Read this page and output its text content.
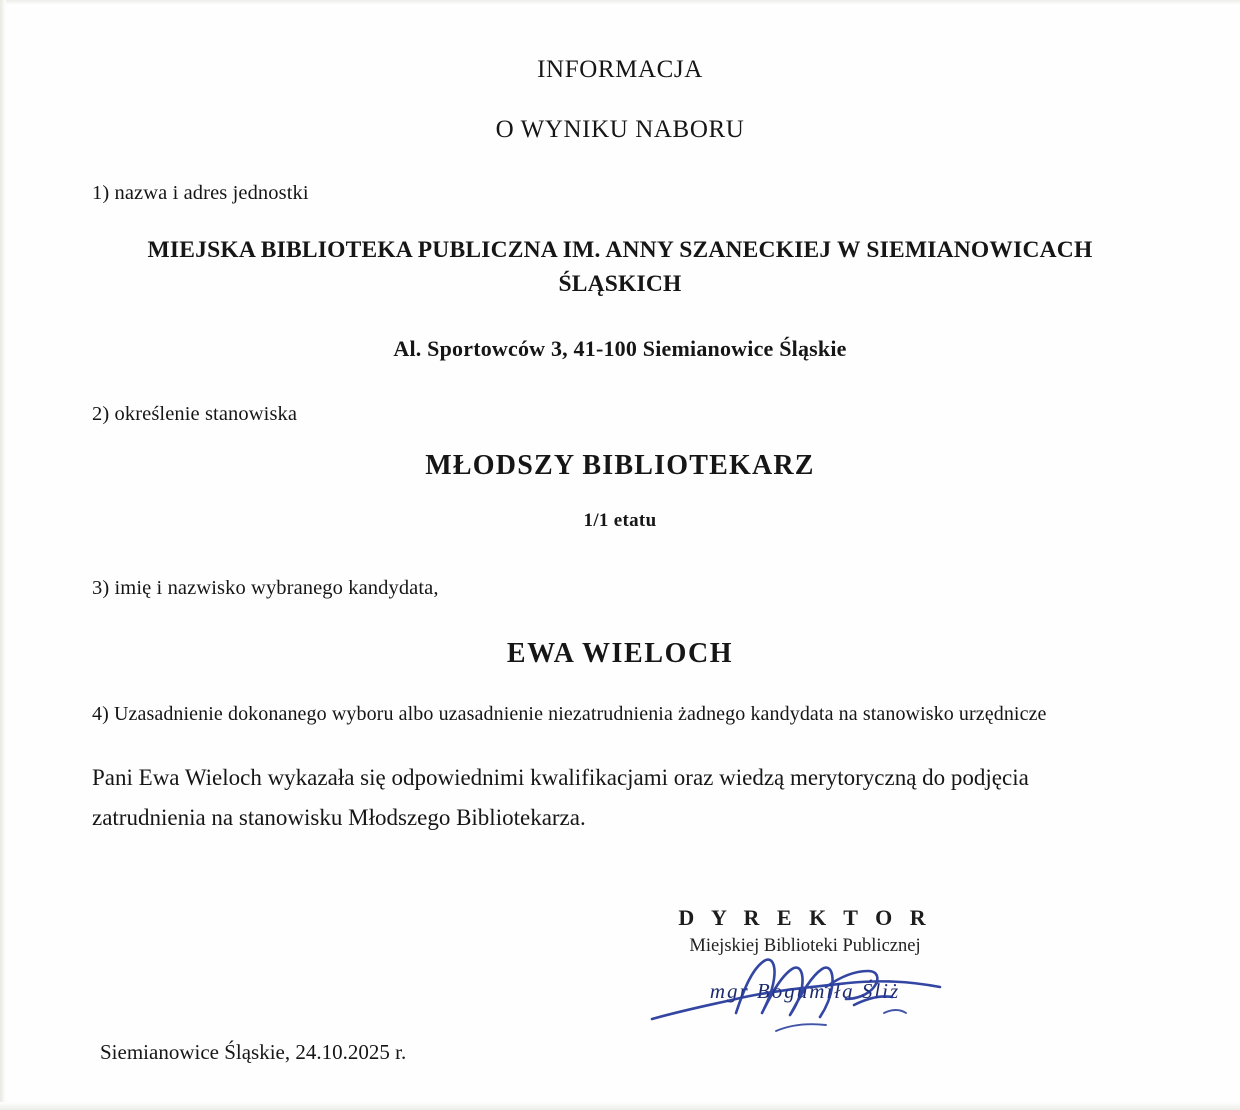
INFORMACJA
O WYNIKU NABORU
1) nazwa i adres jednostki
MIEJSKA BIBLIOTEKA PUBLICZNA IM. ANNY SZANECKIEJ W SIEMIANOWICACH ŚLĄSKICH
Al. Sportowców 3, 41-100 Siemianowice Śląskie
2) określenie stanowiska
MŁODSZY BIBLIOTEKARZ
1/1 etatu
3) imię i nazwisko wybranego kandydata,
EWA WIELOCH
4) Uzasadnienie dokonanego wyboru albo uzasadnienie niezatrudnienia żadnego kandydata na stanowisko urzędnicze
Pani Ewa Wieloch wykazała się odpowiednimi kwalifikacjami oraz wiedzą merytoryczną do podjęcia zatrudnienia na stanowisku Młodszego Bibliotekarza.
D Y R E K T O R
Miejskiej Biblioteki Publicznej
mgr Bogumiła Śliż
Siemianowice Śląskie, 24.10.2025 r.
